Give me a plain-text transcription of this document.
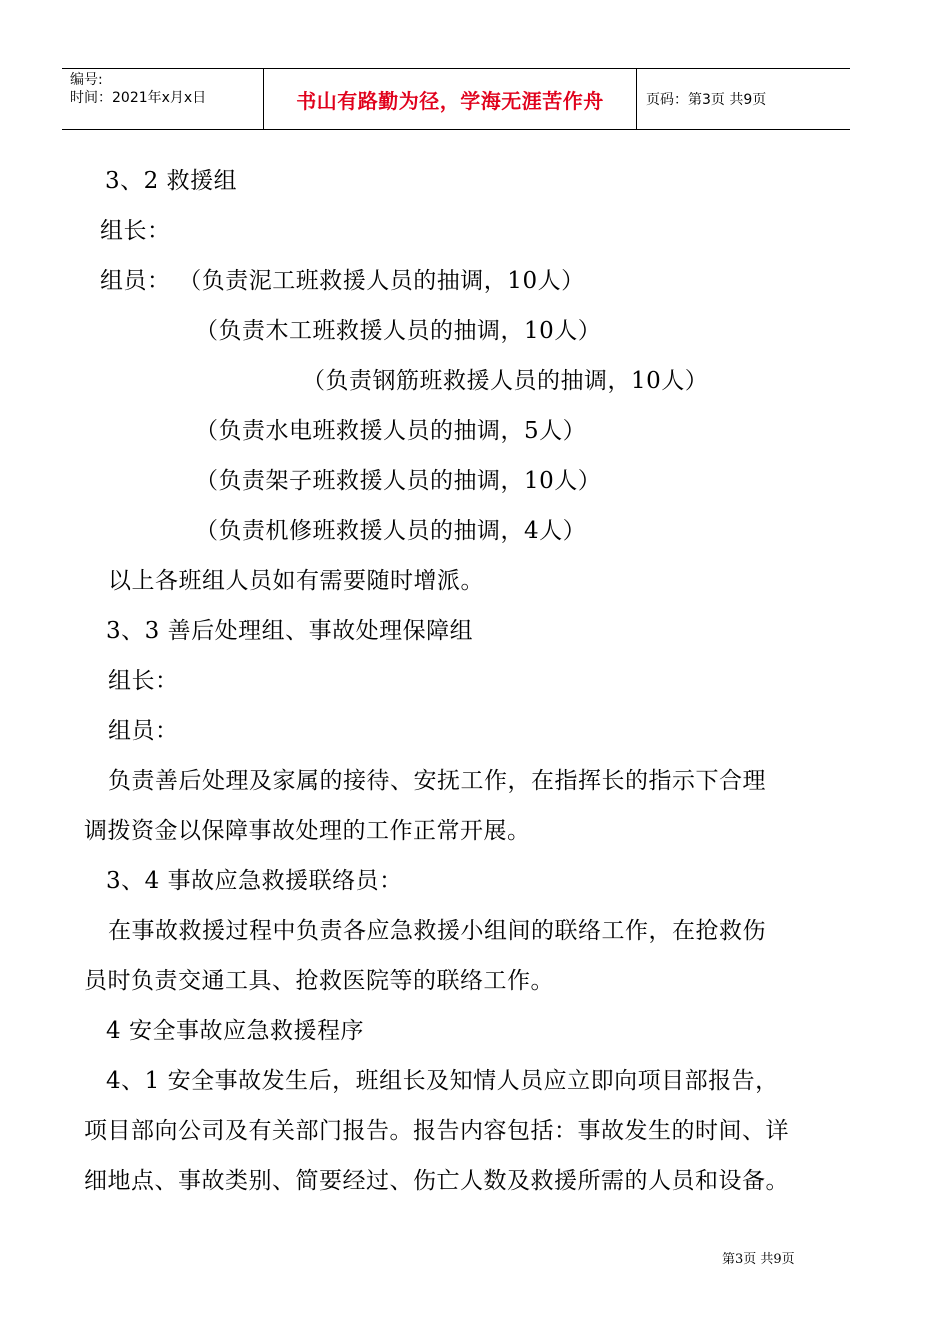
编号:
时间：2021年x月x日	书山有路勤为径，学海无涯苦作舟	页码：第3页 共9页
3、2 救援组
组长：
组员： （负责泥工班救援人员的抽调，10人）
（负责木工班救援人员的抽调，10人）
（负责钢筋班救援人员的抽调，10人）
（负责水电班救援人员的抽调，5人）
（负责架子班救援人员的抽调，10人）
（负责机修班救援人员的抽调，4人）
以上各班组人员如有需要随时增派。
3、3 善后处理组、事故处理保障组
组长：
组员：
负责善后处理及家属的接待、安抚工作，在指挥长的指示下合理
调拨资金以保障事故处理的工作正常开展。
3、4 事故应急救援联络员：
在事故救援过程中负责各应急救援小组间的联络工作，在抢救伤
员时负责交通工具、抢救医院等的联络工作。
4 安全事故应急救援程序
4、1 安全事故发生后，班组长及知情人员应立即向项目部报告，
项目部向公司及有关部门报告。报告内容包括：事故发生的时间、详
细地点、事故类别、简要经过、伤亡人数及救援所需的人员和设备。
第3页 共9页
